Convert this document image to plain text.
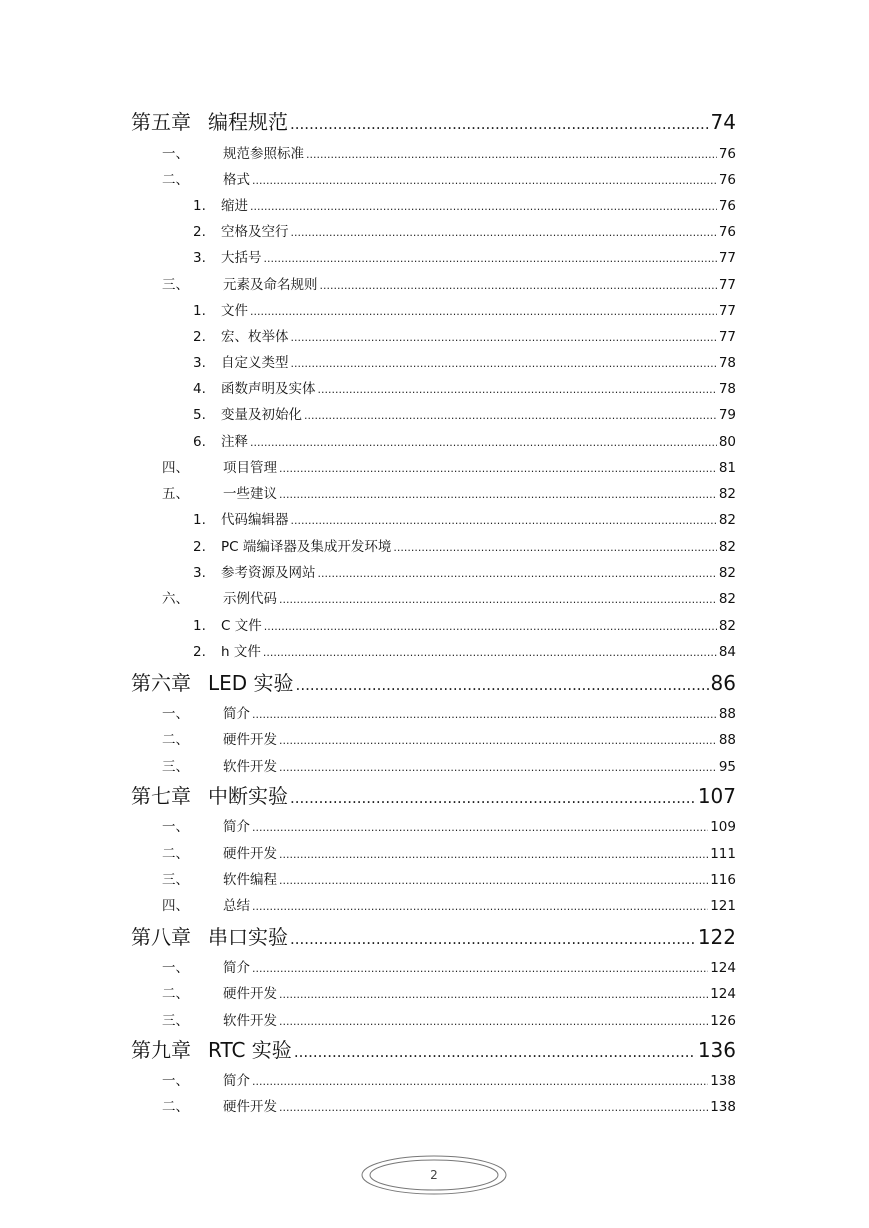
第五章 编程规范 .....	74
一、	规范参照标准 .....	76
二、	格式 .....	76
1.	缩进 .....	76
2.	空格及空行 .....	76
3.	大括号 .....	77
三、	元素及命名规则 .....	77
1.	文件 .....	77
2.	宏、枚举体 .....	77
3.	自定义类型 .....	78
4.	函数声明及实体 .....	78
5.	变量及初始化 .....	79
6.	注释 .....	80
四、	项目管理 .....	81
五、	一些建议 .....	82
1.	代码编辑器 .....	82
2.	PC 端编译器及集成开发环境 .....	82
3.	参考资源及网站 .....	82
六、	示例代码 .....	82
1.	C 文件 .....	82
2.	h 文件 .....	84
第六章 LED 实验 .....	86
一、	简介 .....	88
二、	硬件开发 .....	88
三、	软件开发 .....	95
第七章 中断实验 .....	107
一、	简介 .....	109
二、	硬件开发 .....	111
三、	软件编程 .....	116
四、	总结 .....	121
第八章 串口实验 .....	122
一、	简介 .....	124
二、	硬件开发 .....	124
三、	软件开发 .....	126
第九章 RTC 实验 .....	136
一、	简介 .....	138
二、	硬件开发 .....	138
2
